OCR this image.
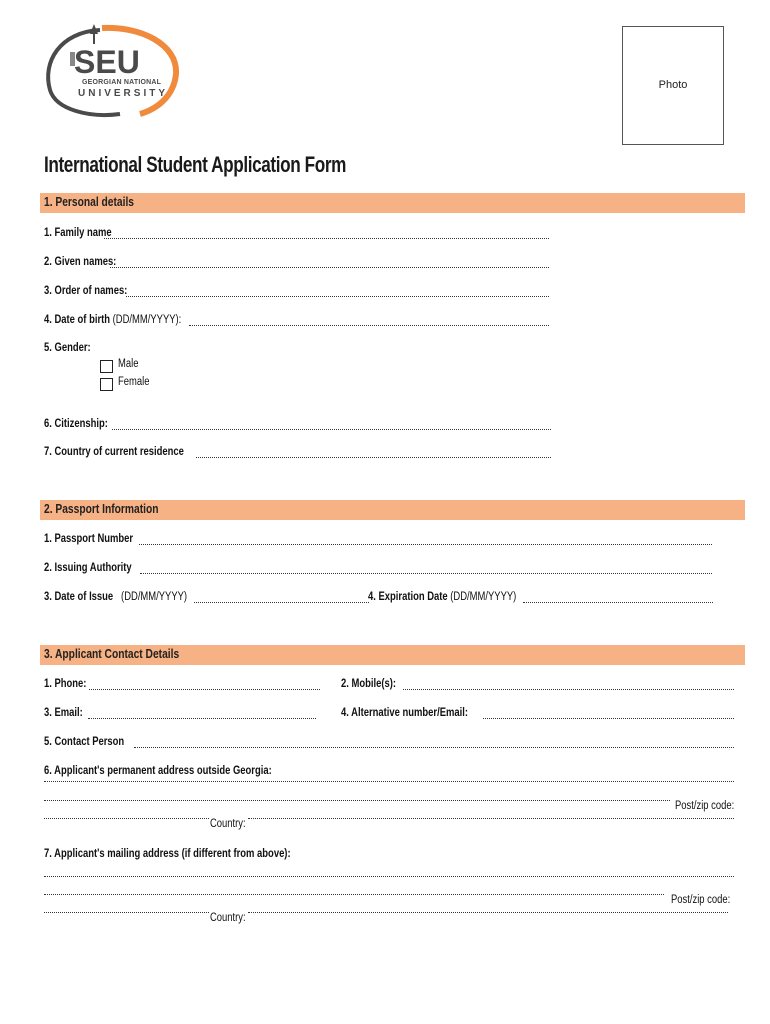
SEU
GEORGIAN NATIONAL
UNIVERSITY
Photo
International Student Application Form
1. Personal details
1. Family name
2. Given names:
3. Order of names:
4. Date of birth (DD/MM/YYYY):
5. Gender:
Male
Female
6. Citizenship:
7. Country of current residence
2. Passport Information
1. Passport Number
2. Issuing Authority
3. Date of Issue (DD/MM/YYYY)	4. Expiration Date (DD/MM/YYYY)
3. Applicant Contact Details
1. Phone:	2. Mobile(s):
3. Email:	4. Alternative number/Email:
5. Contact Person
6. Applicant's permanent address outside Georgia:
Post/zip code:
Country:
7. Applicant's mailing address (if different from above):
Post/zip code:
Country:
